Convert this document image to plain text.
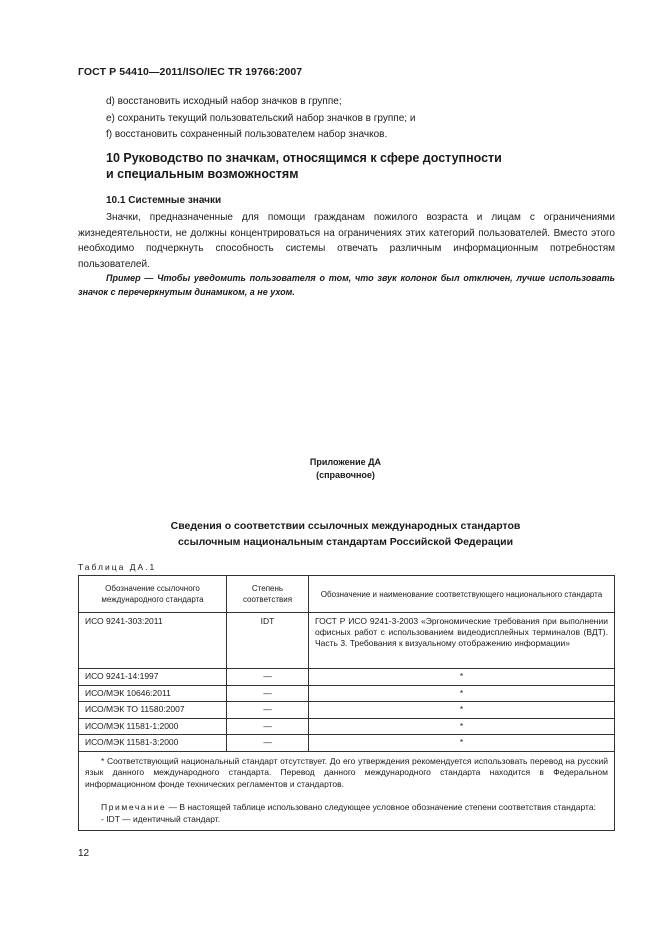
ГОСТ Р 54410—2011/ISO/IEC TR 19766:2007
d) восстановить исходный набор значков в группе;
e) сохранить текущий пользовательский набор значков в группе; и
f) восстановить сохраненный пользователем набор значков.
10 Руководство по значкам, относящимся к сфере доступности
и специальным возможностям
10.1 Системные значки
Значки, предназначенные для помощи гражданам пожилого возраста и лицам с ограничениями жизнедеятельности, не должны концентрироваться на ограничениях этих категорий пользователей. Вместо этого необходимо подчеркнуть способность системы отвечать различным информационным потребностям пользователей.
Пример — Чтобы уведомить пользователя о том, что звук колонок был отключен, лучше использовать значок с перечеркнутым динамиком, а не ухом.
Приложение ДА
(справочное)
Сведения о соответствии ссылочных международных стандартов
ссылочным национальным стандартам Российской Федерации
Таблица ДА.1
Обозначение ссылочного международного стандарта	Степень соответствия	Обозначение и наименование соответствующего национального стандарта
ИСО 9241-303:2011	IDT	ГОСТ Р ИСО 9241-3-2003 «Эргономические требования при выполнении офисных работ с использованием видеодисплейных терминалов (ВДТ). Часть 3. Требования к визуальному отображению информации»
ИСО 9241-14:1997	—	*
ИСО/МЭК 10646:2011	—	*
ИСО/МЭК ТО 11580:2007	—	*
ИСО/МЭК 11581-1:2000	—	*
ИСО/МЭК 11581-3:2000	—	*

* Соответствующий национальный стандарт отсутствует. До его утверждения рекомендуется использовать перевод на русский язык данного международного стандарта. Перевод данного международного стандарта находится в Федеральном информационном фонде технических регламентов и стандартов.

Примечание — В настоящей таблице использовано следующее условное обозначение степени соответствия стандарта:

- IDT — идентичный стандарт.		
12
